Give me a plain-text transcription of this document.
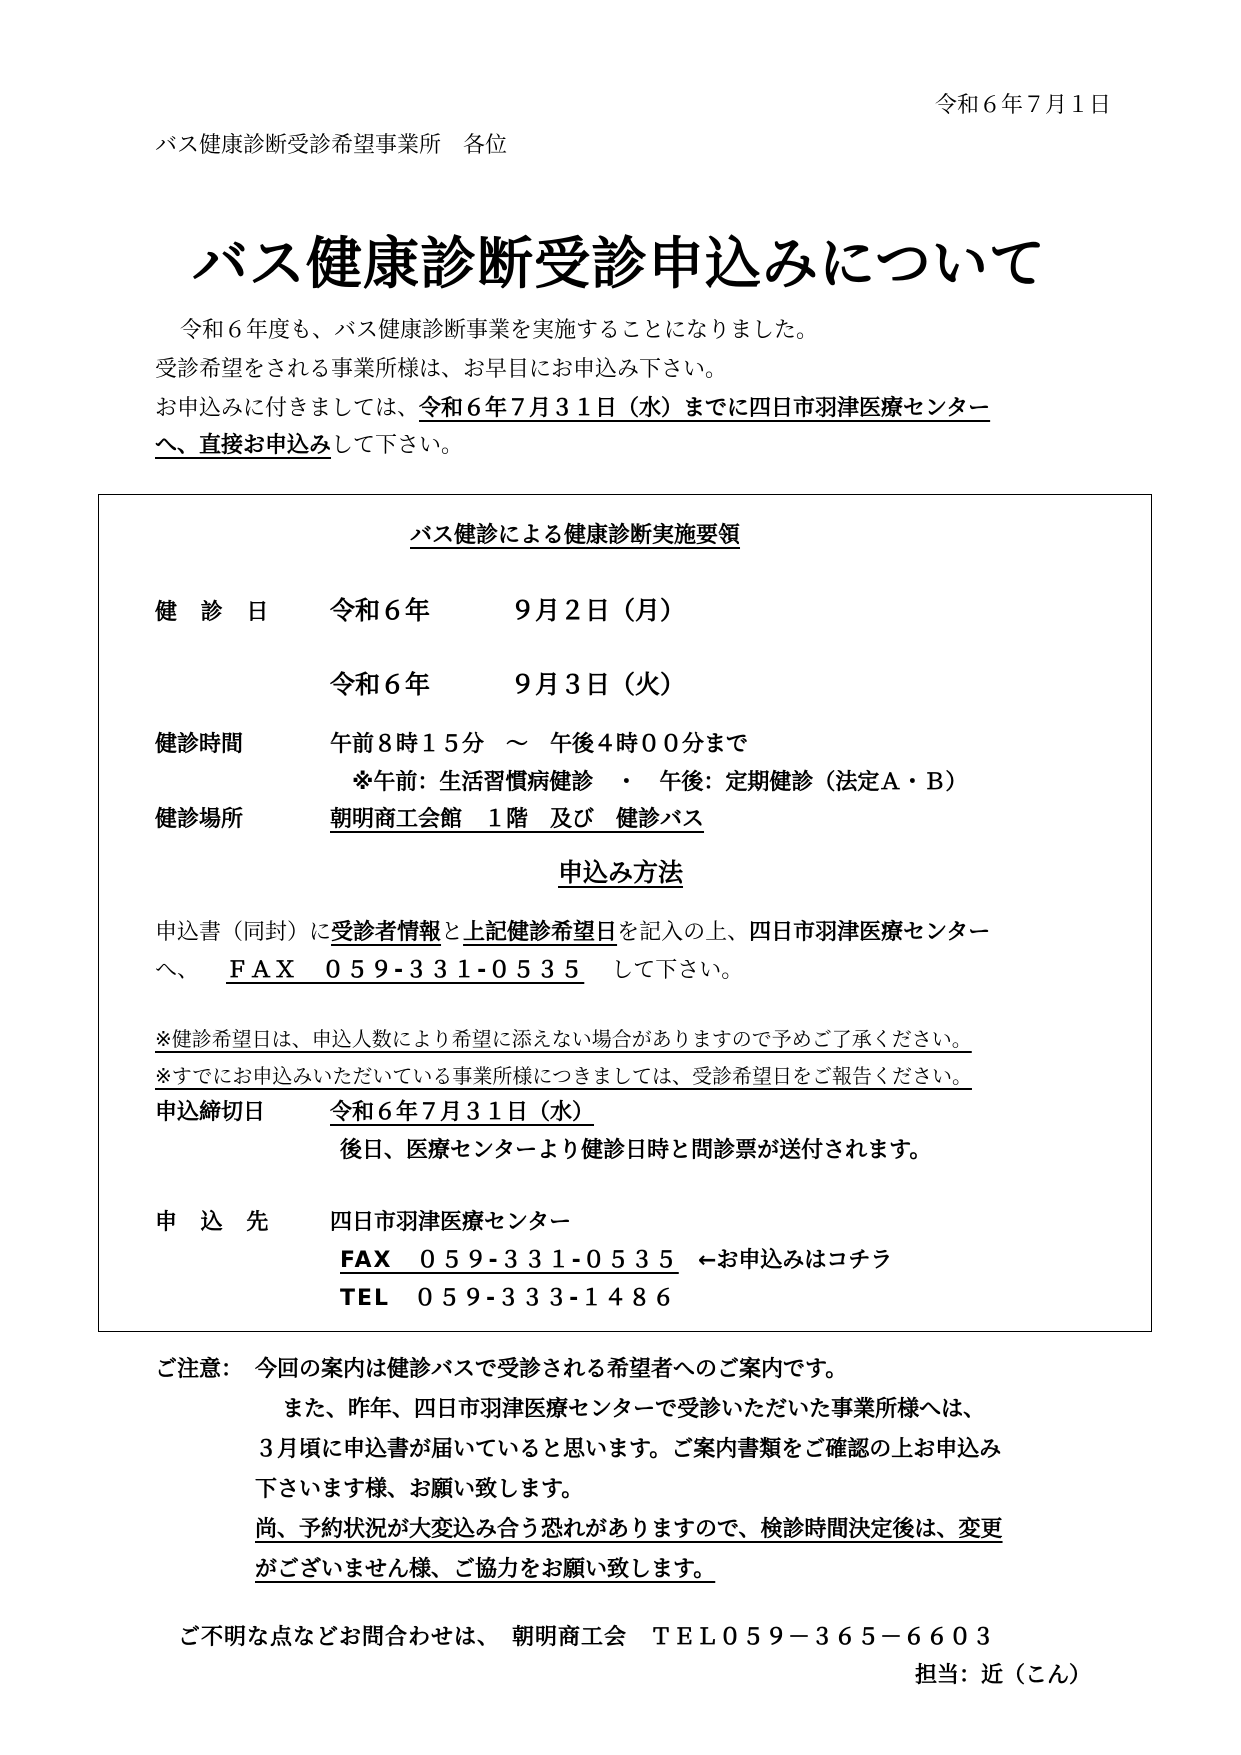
令和６年７月１日
バス健康診断受診希望事業所　各位
バス健康診断受診申込みについて
令和６年度も、バス健康診断事業を実施することになりました。
受診希望をされる事業所様は、お早目にお申込み下さい。
お申込みに付きましては、令和６年７月３１日（水）までに四日市羽津医療センター
へ、直接お申込みして下さい。
バス健診による健康診断実施要領
健 診 日 令和６年	９月２日（月）
令和６年	９月３日（火）
健診時間	午前８時１５分　～　午後４時００分まで
※午前：生活習慣病健診　・　午後：定期健診（法定Ａ・Ｂ）
健診場所	朝明商工会館　１階　及び　健診バス
申込み方法
申込書（同封）に受診者情報と上記健診希望日を記入の上、四日市羽津医療センター
へ、 ＦＡＸ　０５９-３３１-０５３５ して下さい。
※健診希望日は、申込人数により希望に添えない場合がありますので予めご了承ください。
※すでにお申込みいただいている事業所様につきましては、受診希望日をご報告ください。
申込締切日	令和６年７月３１日（水）
後日、医療センターより健診日時と問診票が送付されます。
申 込 先 四日市羽津医療センター
FAX　０５９-３３１-０５３５ ←お申込みはコチラ
TEL　０５９-３３３-１４８６
ご注意： 今回の案内は健診バスで受診される希望者へのご案内です。
また、昨年、四日市羽津医療センターで受診いただいた事業所様へは、
３月頃に申込書が届いていると思います。ご案内書類をご確認の上お申込み
下さいます様、お願い致します。
尚、予約状況が大変込み合う恐れがありますので、検診時間決定後は、変更
がございません様、ご協力をお願い致します。
ご不明な点などお問合わせは、　朝明商工会　ＴＥＬ０５９－３６５－６６０３
担当：近（こん）
